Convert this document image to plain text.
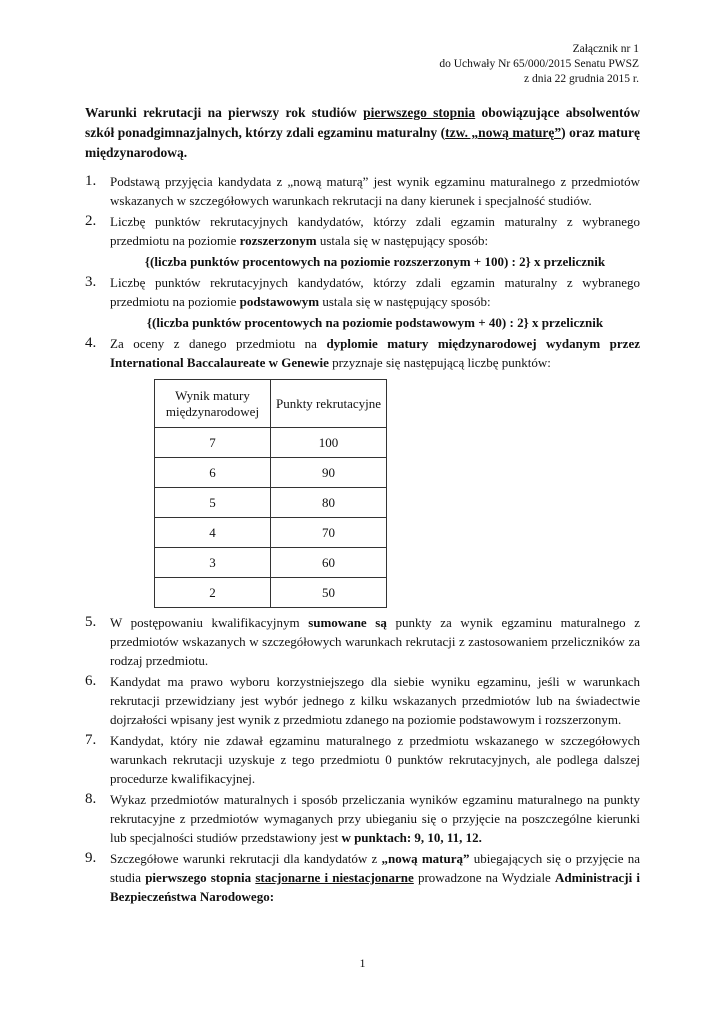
Załącznik nr 1
do Uchwały Nr 65/000/2015 Senatu PWSZ
z dnia 22 grudnia 2015 r.
Warunki rekrutacji na pierwszy rok studiów pierwszego stopnia obowiązujące absolwentów szkół ponadgimnazjalnych, którzy zdali egzaminu maturalny (tzw. „nową maturę”) oraz maturę międzynarodową.
1. Podstawą przyjęcia kandydata z „nową maturą” jest wynik egzaminu maturalnego z przedmiotów wskazanych w szczegółowych warunkach rekrutacji na dany kierunek i specjalność studiów.
2. Liczbę punktów rekrutacyjnych kandydatów, którzy zdali egzamin maturalny z wybranego przedmiotu na poziomie rozszerzonym ustala się w następujący sposób:
{(liczba punktów procentowych na poziomie rozszerzonym + 100) : 2} x przelicznik
3. Liczbę punktów rekrutacyjnych kandydatów, którzy zdali egzamin maturalny z wybranego przedmiotu na poziomie podstawowym ustala się w następujący sposób:
{(liczba punktów procentowych na poziomie podstawowym + 40) : 2} x przelicznik
4. Za oceny z danego przedmiotu na dyplomie matury międzynarodowej wydanym przez International Baccalaureate w Genewie przyznaje się następującą liczbę punktów:
Wynik matury międzynarodowej	Punkty rekrutacyjne
7	100
6	90
5	80
4	70
3	60
2	50
5. W postępowaniu kwalifikacyjnym sumowane są punkty za wynik egzaminu maturalnego z przedmiotów wskazanych w szczegółowych warunkach rekrutacji z zastosowaniem przeliczników za rodzaj przedmiotu.
6. Kandydat ma prawo wyboru korzystniejszego dla siebie wyniku egzaminu, jeśli w warunkach rekrutacji przewidziany jest wybór jednego z kilku wskazanych przedmiotów lub na świadectwie dojrzałości wpisany jest wynik z przedmiotu zdanego na poziomie podstawowym i rozszerzonym.
7. Kandydat, który nie zdawał egzaminu maturalnego z przedmiotu wskazanego w szczegółowych warunkach rekrutacji uzyskuje z tego przedmiotu 0 punktów rekrutacyjnych, ale podlega dalszej procedurze kwalifikacyjnej.
8. Wykaz przedmiotów maturalnych i sposób przeliczania wyników egzaminu maturalnego na punkty rekrutacyjne z przedmiotów wymaganych przy ubieganiu się o przyjęcie na poszczególne kierunki lub specjalności studiów przedstawiony jest w punktach: 9, 10, 11, 12.
9. Szczegółowe warunki rekrutacji dla kandydatów z „nową maturą” ubiegających się o przyjęcie na studia pierwszego stopnia stacjonarne i niestacjonarne prowadzone na Wydziale Administracji i Bezpieczeństwa Narodowego:
1
